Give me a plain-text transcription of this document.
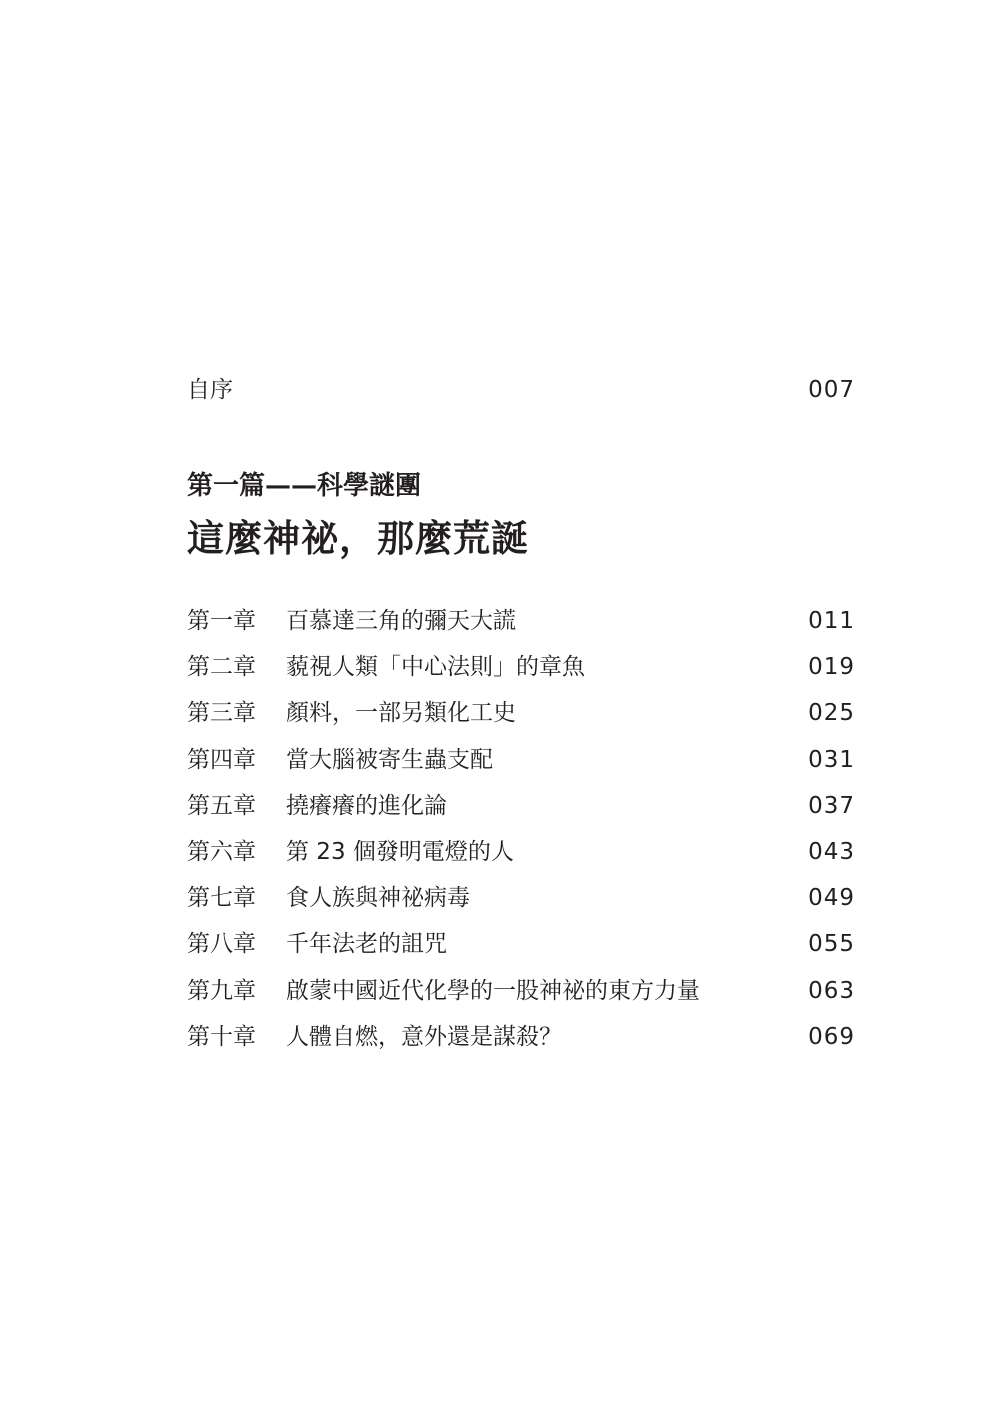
自序	007
第一篇——科學謎團
這麼神祕，那麼荒誕
第一章 百慕達三角的彌天大謊	011
第二章 藐視人類「中心法則」的章魚	019
第三章 顏料，一部另類化工史	025
第四章 當大腦被寄生蟲支配	031
第五章 撓癢癢的進化論	037
第六章 第 23 個發明電燈的人	043
第七章 食人族與神祕病毒	049
第八章 千年法老的詛咒	055
第九章 啟蒙中國近代化學的一股神祕的東方力量	063
第十章 人體自燃，意外還是謀殺？	069
